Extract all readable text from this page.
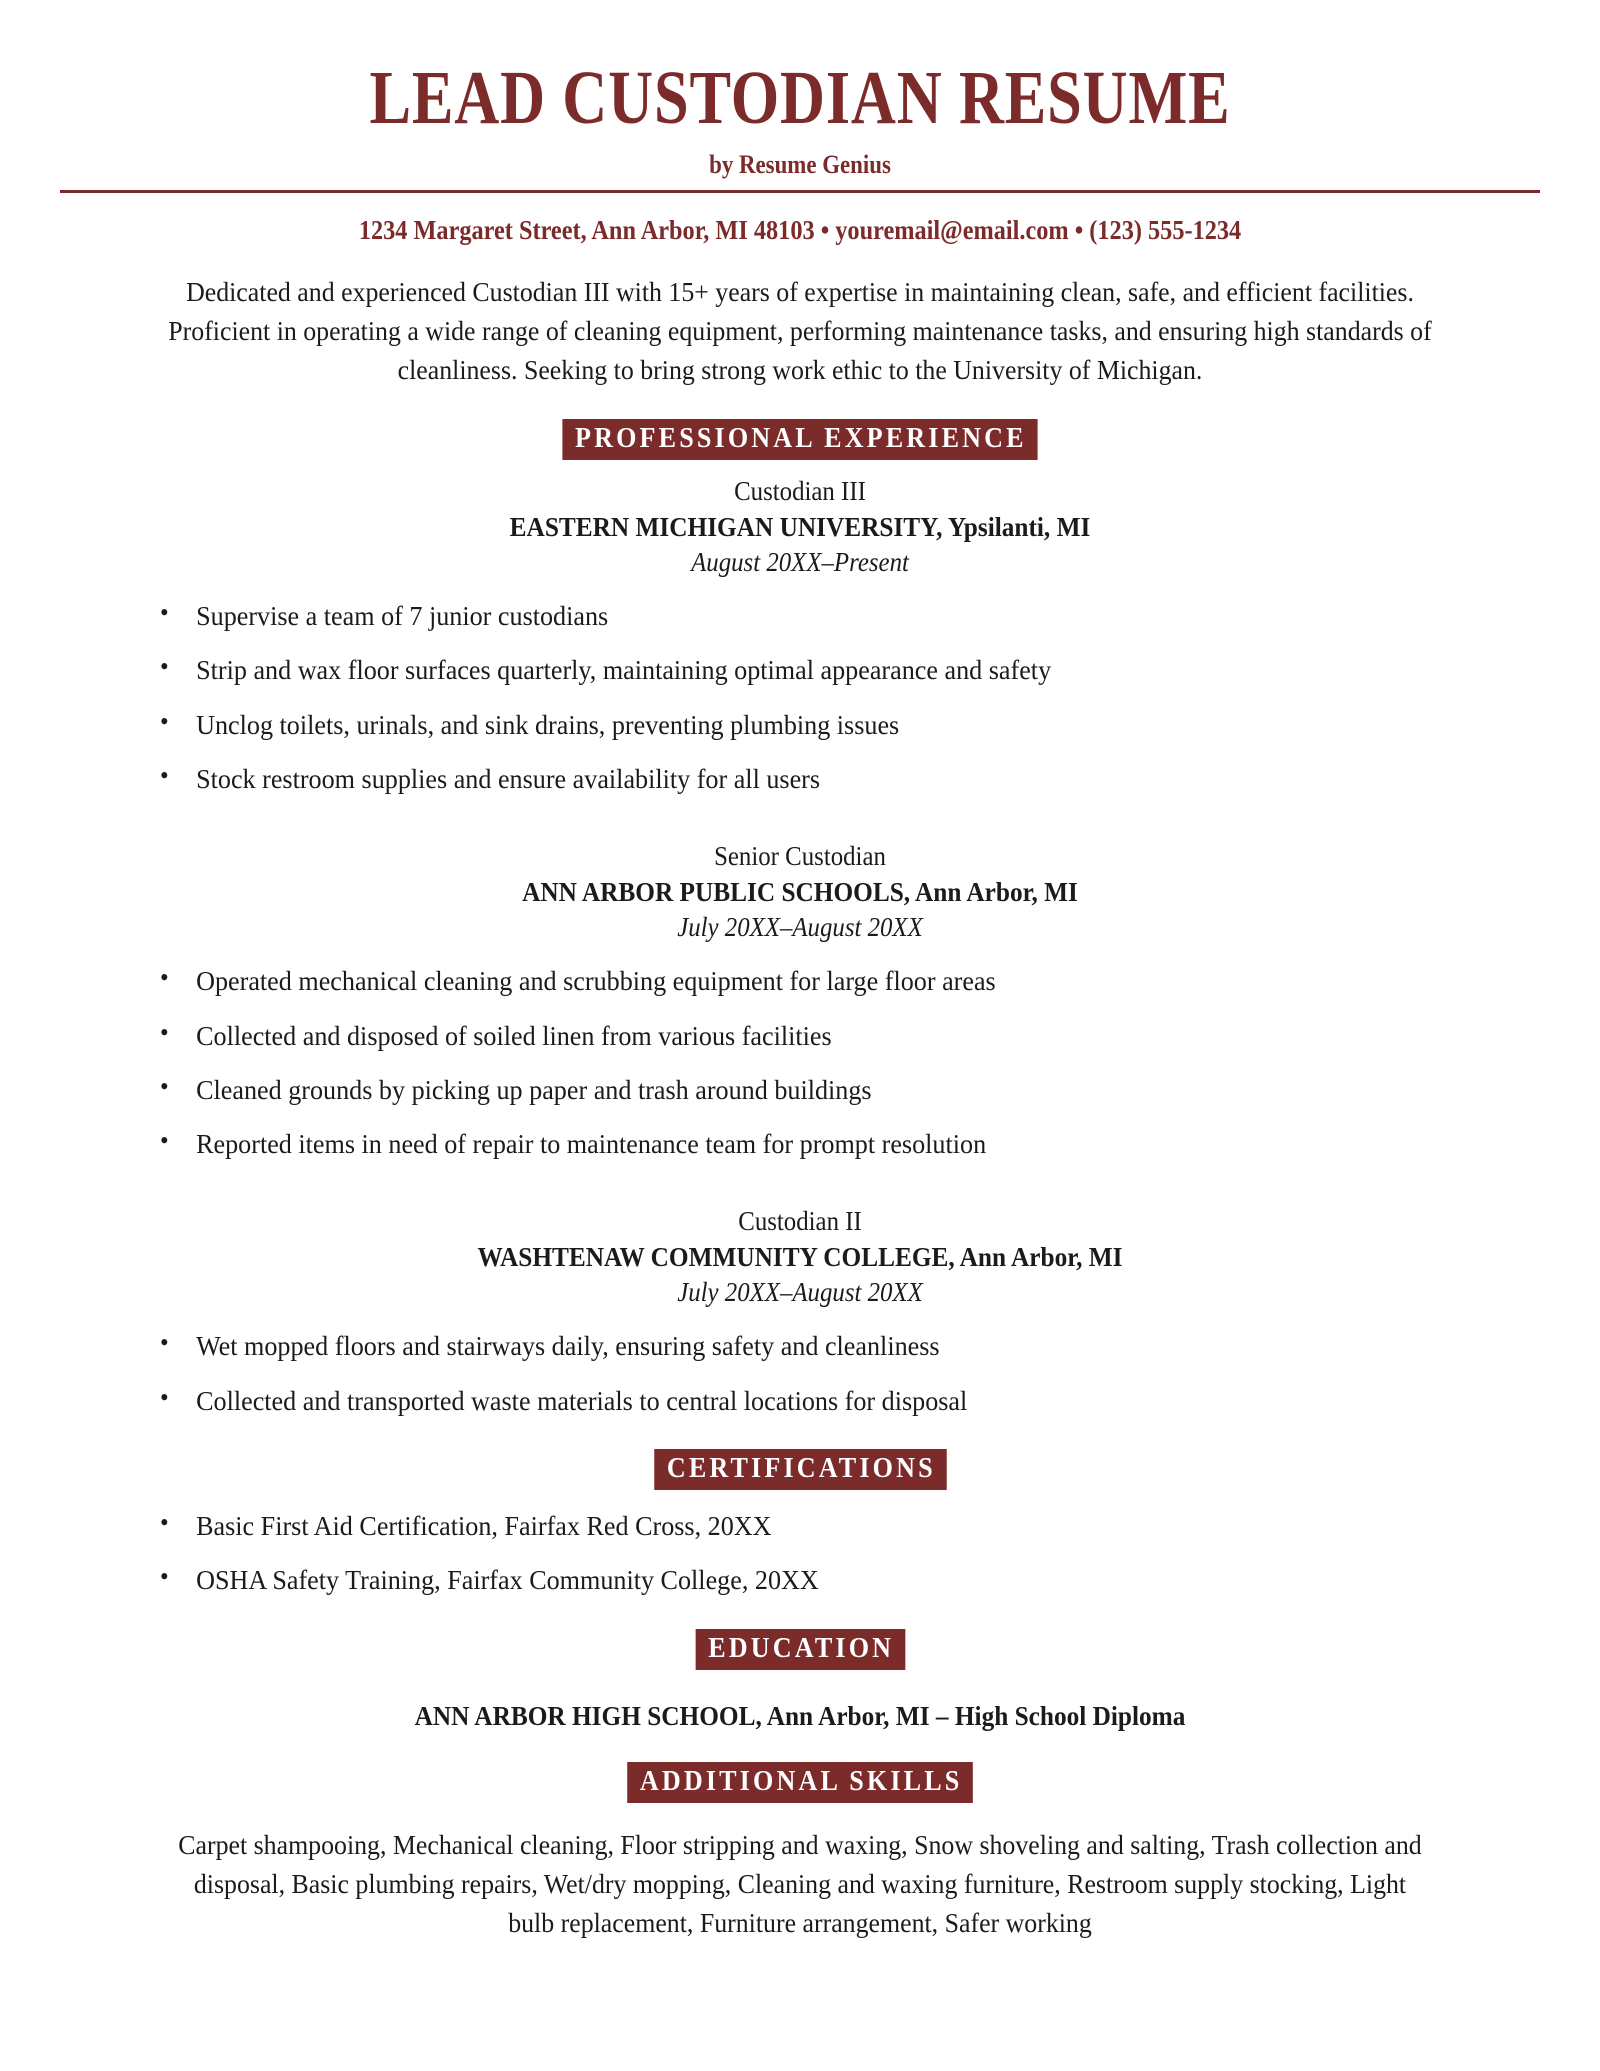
LEAD CUSTODIAN RESUME
by Resume Genius
1234 Margaret Street, Ann Arbor, MI 48103 • youremail@email.com • (123) 555-1234

Dedicated and experienced Custodian III with 15+ years of expertise in maintaining clean, safe, and efficient facilities. Proficient in operating a wide range of cleaning equipment, performing maintenance tasks, and ensuring high standards of cleanliness. Seeking to bring strong work ethic to the University of Michigan.

PROFESSIONAL EXPERIENCE
Custodian III
EASTERN MICHIGAN UNIVERSITY, Ypsilanti, MI
August 20XX–Present
• Supervise a team of 7 junior custodians
• Strip and wax floor surfaces quarterly, maintaining optimal appearance and safety
• Unclog toilets, urinals, and sink drains, preventing plumbing issues
• Stock restroom supplies and ensure availability for all users
Senior Custodian
ANN ARBOR PUBLIC SCHOOLS, Ann Arbor, MI
July 20XX–August 20XX
• Operated mechanical cleaning and scrubbing equipment for large floor areas
• Collected and disposed of soiled linen from various facilities
• Cleaned grounds by picking up paper and trash around buildings
• Reported items in need of repair to maintenance team for prompt resolution
Custodian II
WASHTENAW COMMUNITY COLLEGE, Ann Arbor, MI
July 20XX–August 20XX
• Wet mopped floors and stairways daily, ensuring safety and cleanliness
• Collected and transported waste materials to central locations for disposal
CERTIFICATIONS
• Basic First Aid Certification, Fairfax Red Cross, 20XX
• OSHA Safety Training, Fairfax Community College, 20XX
EDUCATION
ANN ARBOR HIGH SCHOOL, Ann Arbor, MI – High School Diploma
ADDITIONAL SKILLS

Carpet shampooing, Mechanical cleaning, Floor stripping and waxing, Snow shoveling and salting, Trash collection and disposal, Basic plumbing repairs, Wet/dry mopping, Cleaning and waxing furniture, Restroom supply stocking, Light bulb replacement, Furniture arrangement, Safer working
